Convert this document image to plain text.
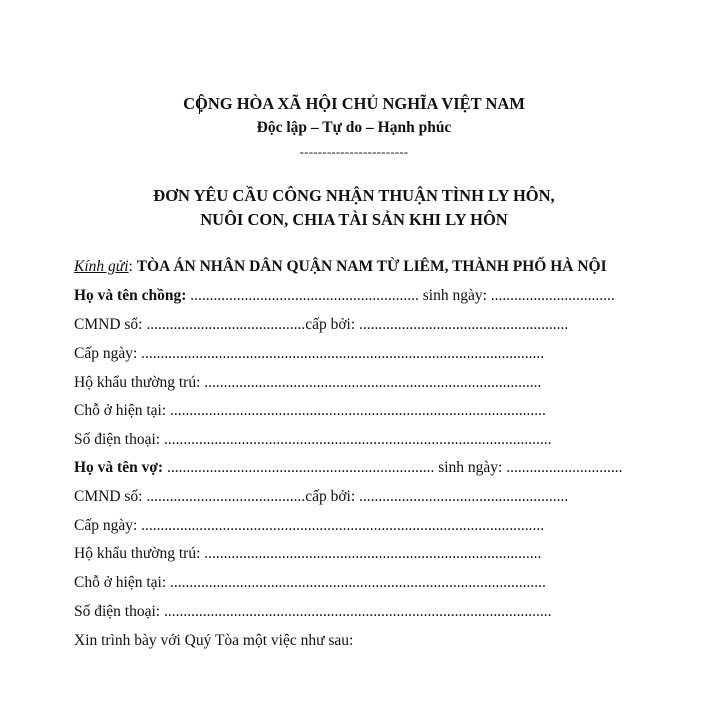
CỘNG HÒA XÃ HỘI CHỦ NGHĨA VIỆT NAM
Độc lập – Tự do – Hạnh phúc
------------------------
ĐƠN YÊU CẦU CÔNG NHẬN THUẬN TÌNH LY HÔN,
NUÔI CON, CHIA TÀI SẢN KHI LY HÔN
Kính gửi: TÒA ÁN NHÂN DÂN QUẬN NAM TỪ LIÊM, THÀNH PHỐ HÀ NỘI
Họ và tên chồng: ........................................................... sinh ngày: ................................
CMND số: .........................................cấp bởi: ......................................................
Cấp ngày: ........................................................................................................
Hộ khẩu thường trú: .......................................................................................
Chỗ ở hiện tại: .................................................................................................
Số điện thoại: ....................................................................................................
Họ và tên vợ: ..................................................................... sinh ngày: ..............................
CMND số: .........................................cấp bởi: ......................................................
Cấp ngày: ........................................................................................................
Hộ khẩu thường trú: .......................................................................................
Chỗ ở hiện tại: .................................................................................................
Số điện thoại: ....................................................................................................
Xin trình bày với Quý Tòa một việc như sau:
